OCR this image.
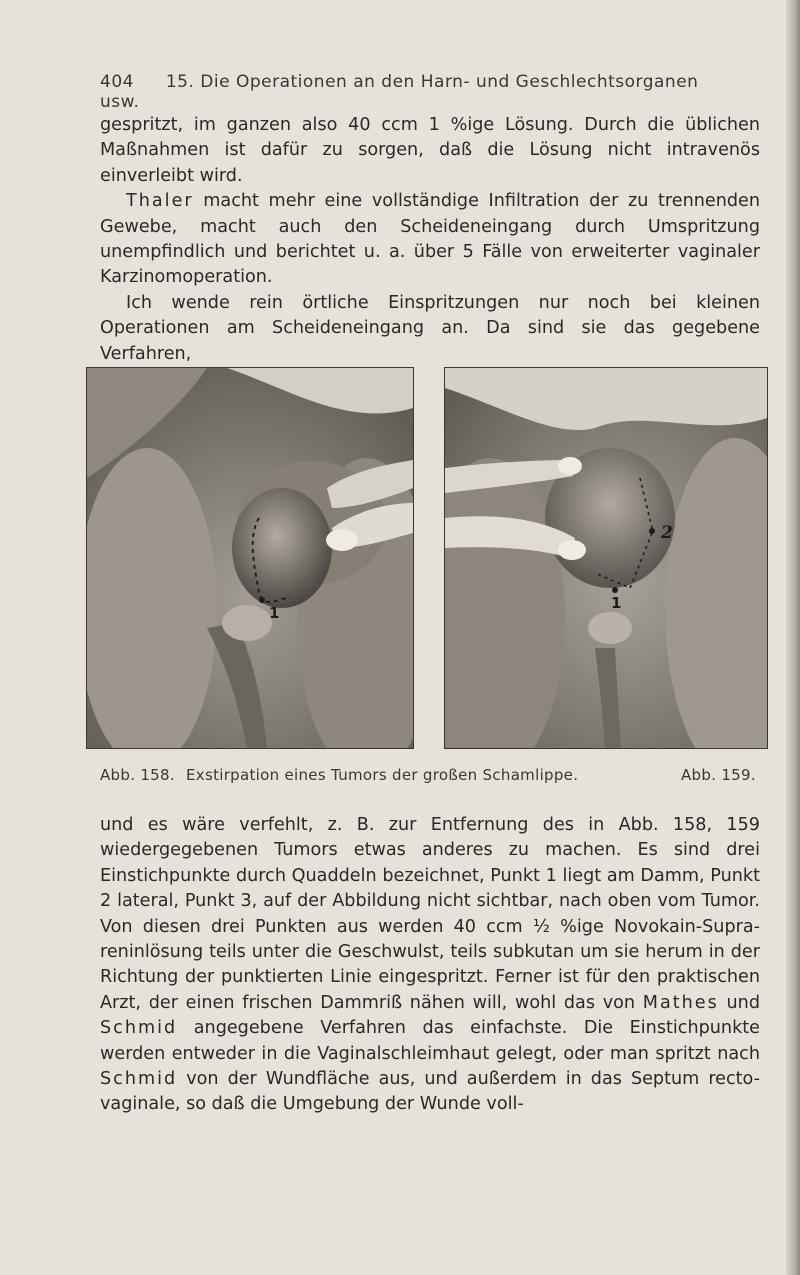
404 15. Die Operationen an den Harn- und Geschlechtsorganen usw.

gespritzt, im ganzen also 40 ccm 1 %ige Lösung. Durch die üblichen Maßnahmen ist dafür zu sorgen, daß die Lösung nicht intravenös einverleibt wird.

Thaler macht mehr eine vollständige Infiltration der zu trennenden Gewebe, macht auch den Scheideneingang durch Umspritzung unempfindlich und berichtet u. a. über 5 Fälle von erweiterter vaginaler Karzinomoperation.

Ich wende rein örtliche Einspritzungen nur noch bei kleinen Operationen am Scheideneingang an. Da sind sie das gegebene Verfahren,

1
2
1
Abb. 158. Exstirpation eines Tumors der großen Schamlippe.	Abb. 159.

und es wäre verfehlt, z. B. zur Entfernung des in Abb. 158, 159 wiedergegebenen Tumors etwas anderes zu machen. Es sind drei Einstichpunkte durch Quaddeln bezeichnet, Punkt 1 liegt am Damm, Punkt 2 lateral, Punkt 3, auf der Abbildung nicht sichtbar, nach oben vom Tumor. Von diesen drei Punkten aus werden 40 ccm ½ %ige Novokain-Suprareninlösung teils unter die Geschwulst, teils subkutan um sie herum in der Richtung der punktierten Linie eingespritzt. Ferner ist für den praktischen Arzt, der einen frischen Dammriß nähen will, wohl das von Mathes und Schmid angegebene Verfahren das einfachste. Die Einstichpunkte werden entweder in die Vaginalschleimhaut gelegt, oder man spritzt nach Schmid von der Wundfläche aus, und außerdem in das Septum recto-vaginale, so daß die Umgebung der Wunde voll-
